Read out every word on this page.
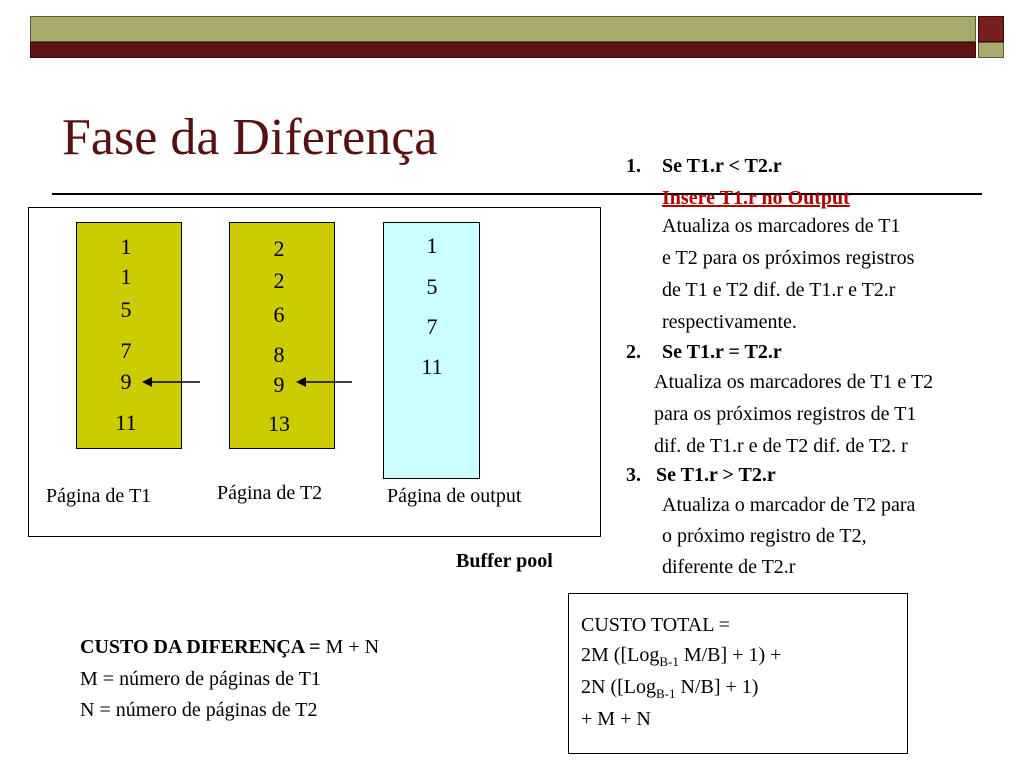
Fase da Diferença
1
1
5
7
9
11
2
2
6
8
9
13
1
5
7
11
Página de T1	Página de T2	Página de output
Buffer pool
1. Se T1.r < T2.r
Insere T1.r no Output
Atualiza os marcadores de T1
e T2 para os próximos registros
de T1 e T2 dif. de T1.r e T2.r
respectivamente.
2. Se T1.r = T2.r
Atualiza os marcadores de T1 e T2
para os próximos registros de T1
dif. de T1.r e de T2 dif. de T2. r
3. Se T1.r > T2.r
Atualiza o marcador de T2 para
o próximo registro de T2,
diferente de T2.r
CUSTO DA DIFERENÇA = M + N
M = número de páginas de T1
N = número de páginas de T2
CUSTO TOTAL =
2M ([Log$_{B-1}$ M/B] + 1) +
2N ([Log$_{B-1}$ N/B] + 1)
+ M + N
